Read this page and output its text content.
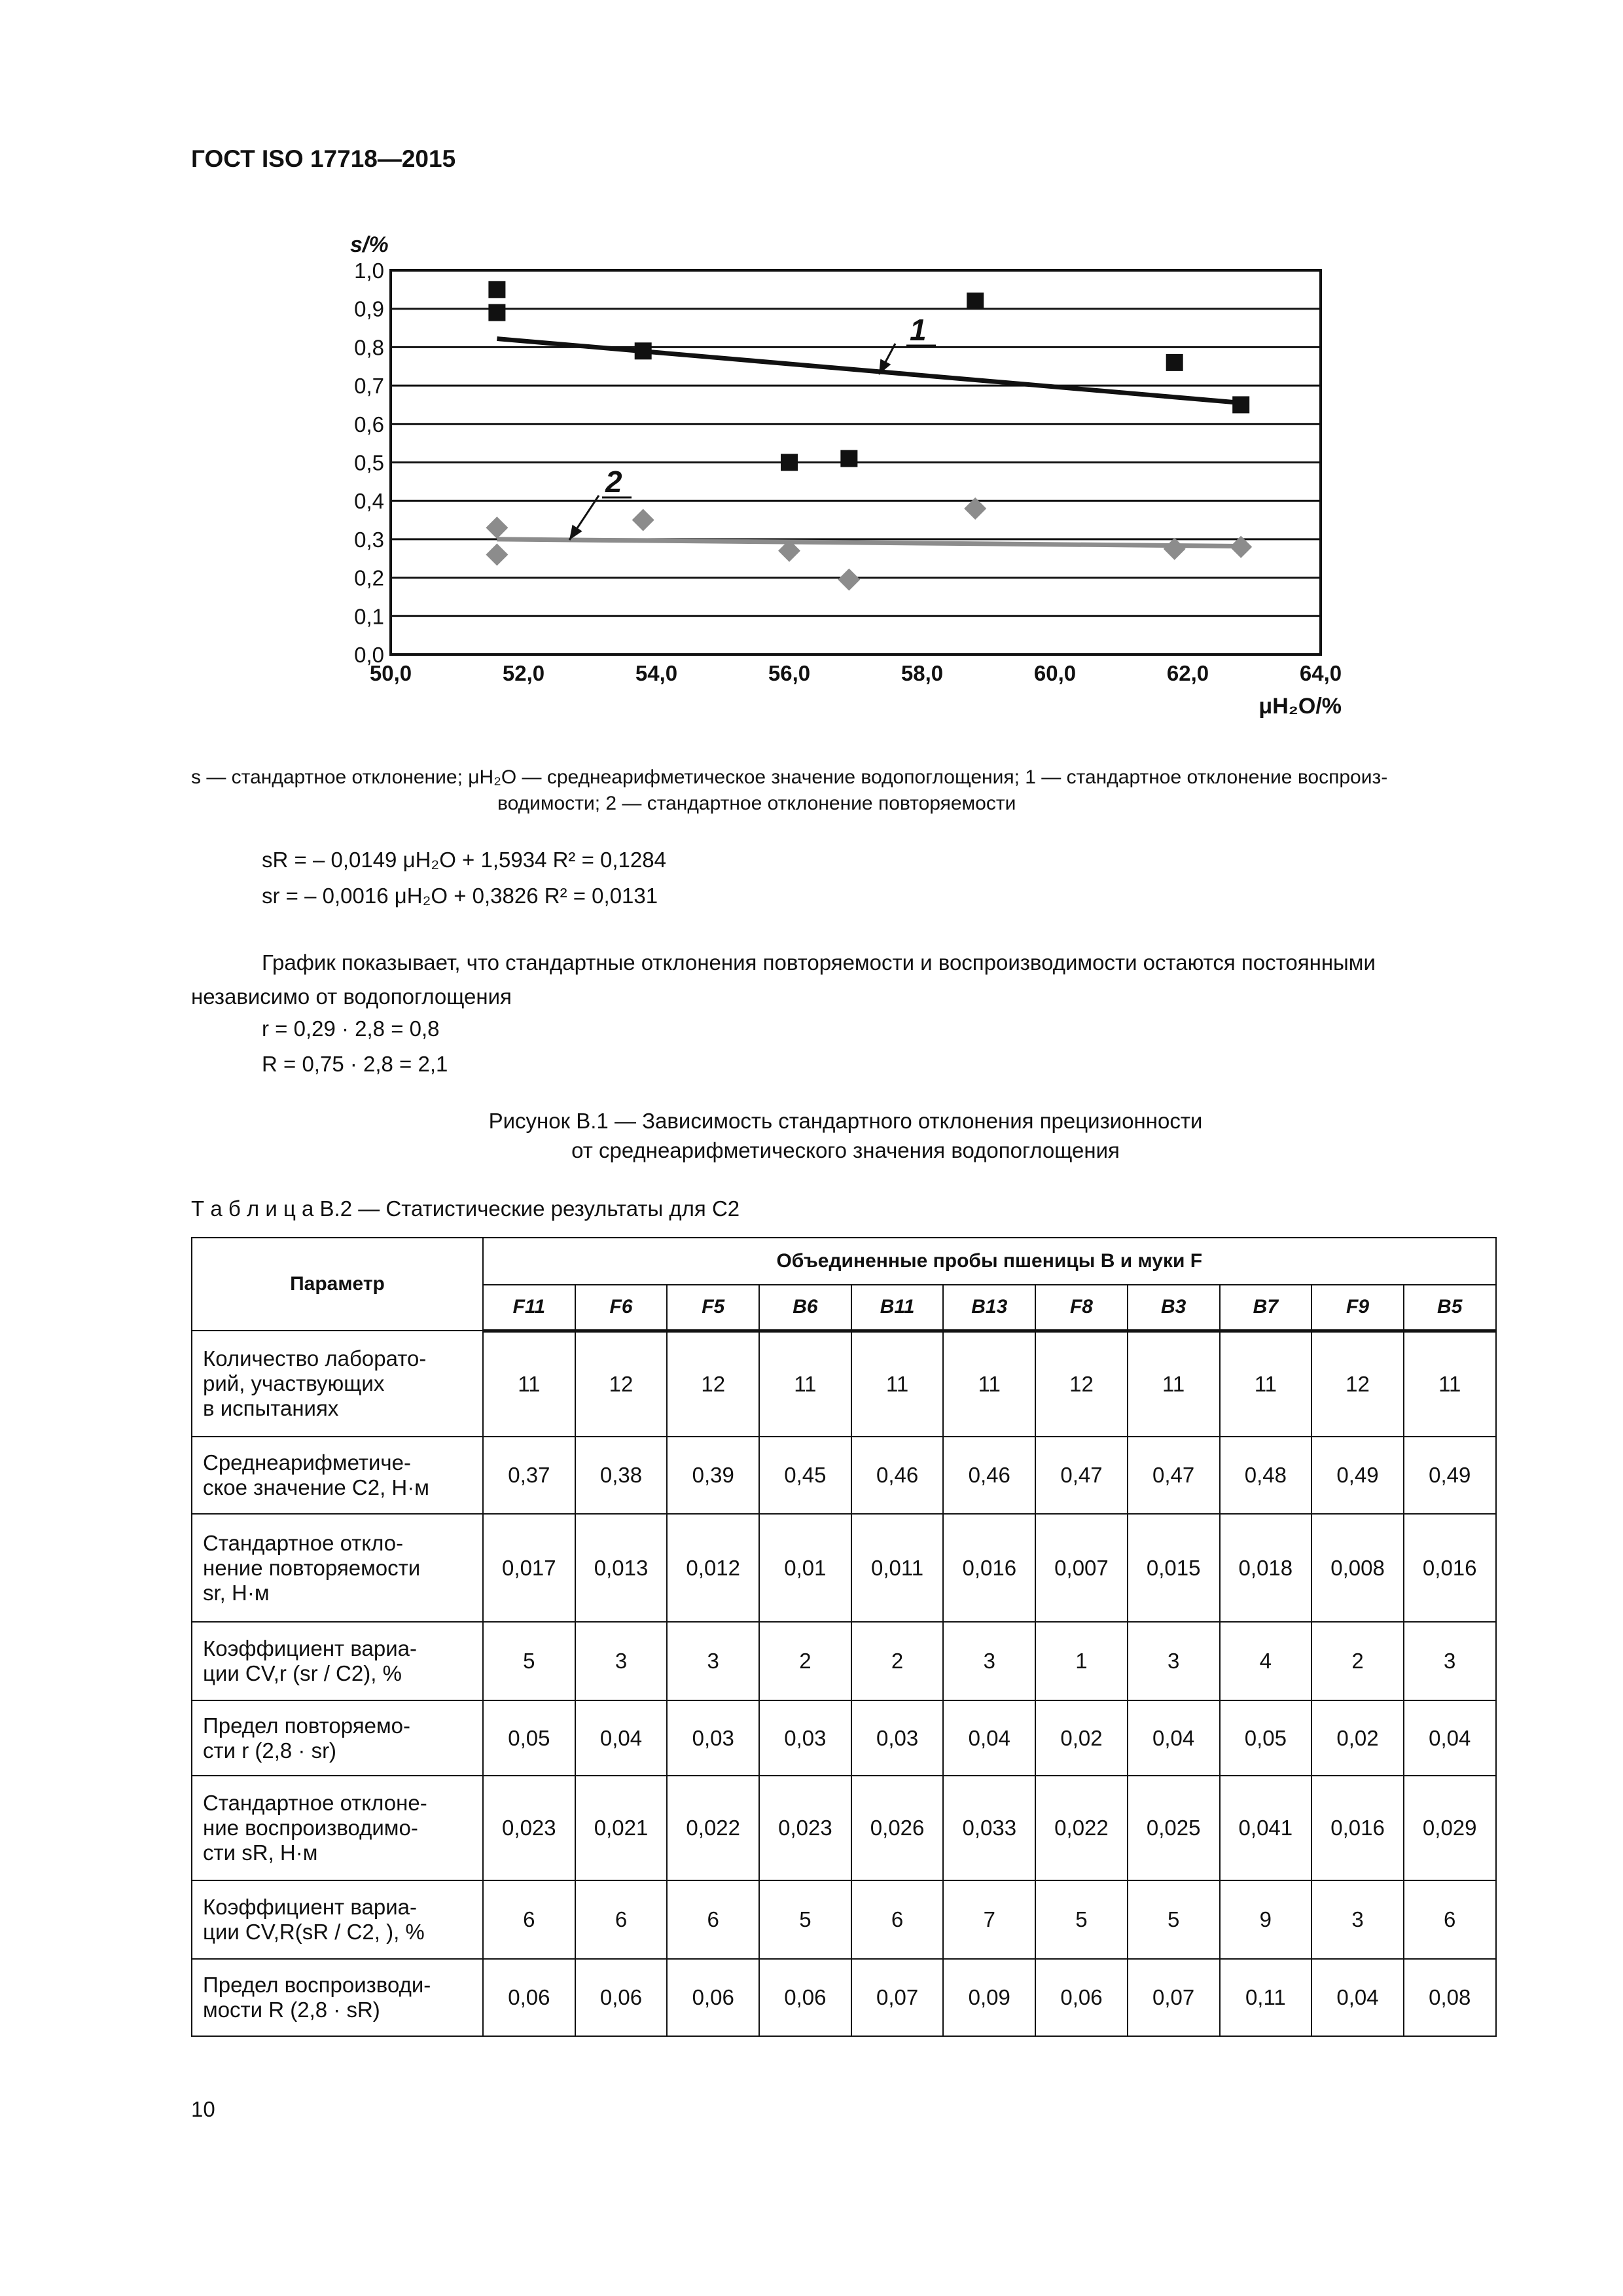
ГОСТ ISO 17718—2015
0,0
0,1
0,2
0,3
0,4
0,5
0,6
0,7
0,8
0,9
1,0
50,0	52,0	54,0	56,0	58,0	60,0	62,0	64,0
s/%
μH₂O/%
1
2
s — стандартное отклонение; μH₂O — среднеарифметическое значение водопоглощения; 1 — стандартное отклонение воспроиз-
водимости; 2 — стандартное отклонение повторяемости
sR = – 0,0149 μH₂O + 1,5934 R² = 0,1284
sr = – 0,0016 μH₂O + 0,3826 R² = 0,0131
График показывает, что стандартные отклонения повторяемости и воспроизводимости остаются постоянными независимо от водопоглощения
r = 0,29 · 2,8 = 0,8
R = 0,75 · 2,8 = 2,1
Рисунок В.1 — Зависимость стандартного отклонения прецизионности
от среднеарифметического значения водопоглощения
Т а б л и ц а В.2 — Статистические результаты для С2
Параметр	Объединенные пробы пшеницы B и муки F										
	F11	F6	F5	B6	B11	B13	F8	B3	B7	F9	B5
Количество лаборато-
рий, участвующих
в испытаниях	11	12	12	11	11	11	12	11	11	12	11
Среднеарифметиче-
ское значение C2, Н·м	0,37	0,38	0,39	0,45	0,46	0,46	0,47	0,47	0,48	0,49	0,49
Стандартное откло-
нение повторяемости
sr, Н·м	0,017	0,013	0,012	0,01	0,011	0,016	0,007	0,015	0,018	0,008	0,016
Коэффициент вариа-
ции CV,r (sr / C2), %	5	3	3	2	2	3	1	3	4	2	3
Предел повторяемо-
сти r (2,8 · sr)	0,05	0,04	0,03	0,03	0,03	0,04	0,02	0,04	0,05	0,02	0,04
Стандартное отклоне-
ние воспроизводимо-
сти sR, Н·м	0,023	0,021	0,022	0,023	0,026	0,033	0,022	0,025	0,041	0,016	0,029
Коэффициент вариа-
ции CV,R(sR / C2, ), %	6	6	6	5	6	7	5	5	9	3	6
Предел воспроизводи-
мости R (2,8 · sR)	0,06	0,06	0,06	0,06	0,07	0,09	0,06	0,07	0,11	0,04	0,08
10
